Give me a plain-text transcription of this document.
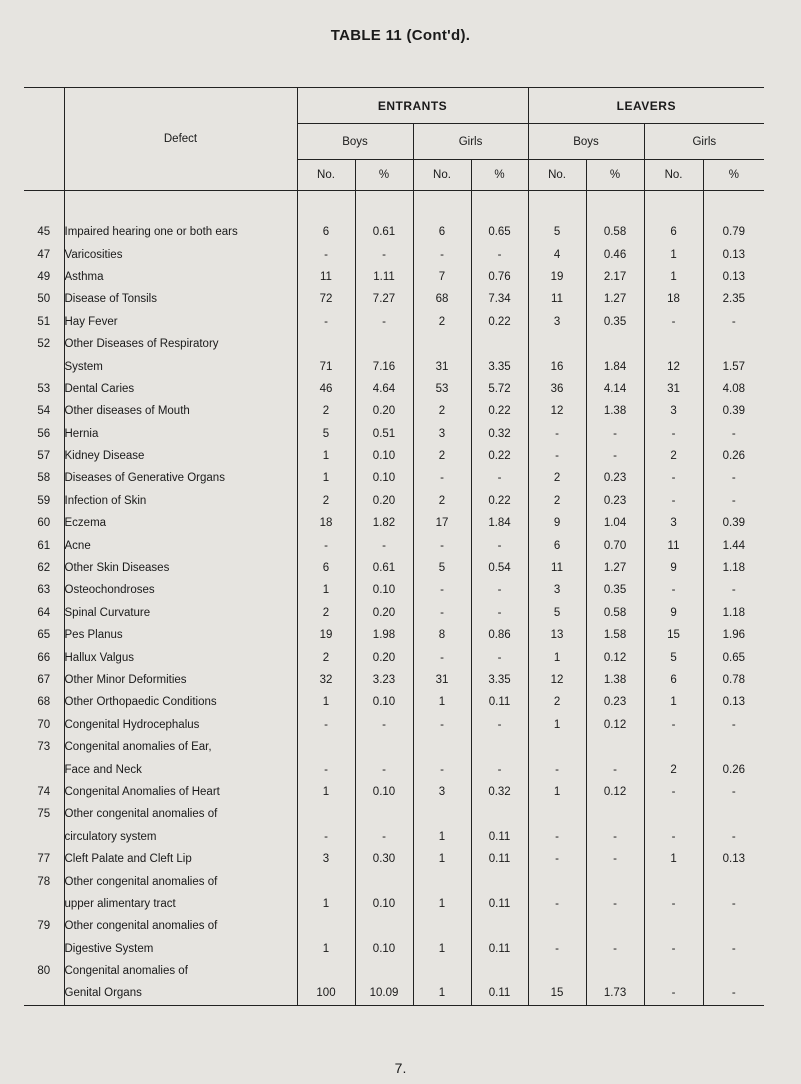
TABLE 11 (Cont'd).
	Defect	ENTRANTS				LEAVERS			
		Boys		Girls		Boys		Girls	
		No.	%	No.	%	No.	%	No.	%

45	Impaired hearing one or both ears	6	0.61	6	0.65	5	0.58	6	0.79
47	Varicosities	-	-	-	-	4	0.46	1	0.13
49	Asthma	11	1.11	7	0.76	19	2.17	1	0.13
50	Disease of Tonsils	72	7.27	68	7.34	11	1.27	18	2.35
51	Hay Fever	-	-	2	0.22	3	0.35	-	-
52	Other Diseases of Respiratory								
	System	71	7.16	31	3.35	16	1.84	12	1.57
53	Dental Caries	46	4.64	53	5.72	36	4.14	31	4.08
54	Other diseases of Mouth	2	0.20	2	0.22	12	1.38	3	0.39
56	Hernia	5	0.51	3	0.32	-	-	-	-
57	Kidney Disease	1	0.10	2	0.22	-	-	2	0.26
58	Diseases of Generative Organs	1	0.10	-	-	2	0.23	-	-
59	Infection of Skin	2	0.20	2	0.22	2	0.23	-	-
60	Eczema	18	1.82	17	1.84	9	1.04	3	0.39
61	Acne	-	-	-	-	6	0.70	11	1.44
62	Other Skin Diseases	6	0.61	5	0.54	11	1.27	9	1.18
63	Osteochondroses	1	0.10	-	-	3	0.35	-	-
64	Spinal Curvature	2	0.20	-	-	5	0.58	9	1.18
65	Pes Planus	19	1.98	8	0.86	13	1.58	15	1.96
66	Hallux Valgus	2	0.20	-	-	1	0.12	5	0.65
67	Other Minor Deformities	32	3.23	31	3.35	12	1.38	6	0.78
68	Other Orthopaedic Conditions	1	0.10	1	0.11	2	0.23	1	0.13
70	Congenital Hydrocephalus	-	-	-	-	1	0.12	-	-
73	Congenital anomalies of Ear,								
	Face and Neck	-	-	-	-	-	-	2	0.26
74	Congenital Anomalies of Heart	1	0.10	3	0.32	1	0.12	-	-
75	Other congenital anomalies of								
	circulatory system	-	-	1	0.11	-	-	-	-
77	Cleft Palate and Cleft Lip	3	0.30	1	0.11	-	-	1	0.13
78	Other congenital anomalies of								
	upper alimentary tract	1	0.10	1	0.11	-	-	-	-
79	Other congenital anomalies of								
	Digestive System	1	0.10	1	0.11	-	-	-	-
80	Congenital anomalies of								
	Genital Organs	100	10.09	1	0.11	15	1.73	-	-
7.
